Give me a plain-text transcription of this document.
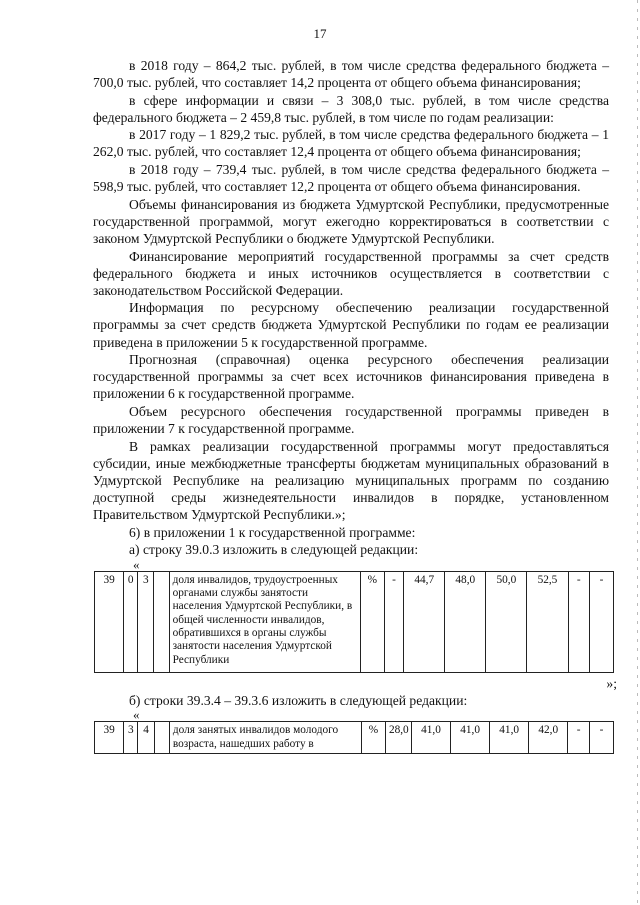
17

в 2018 году – 864,2 тыс. рублей, в том числе средства федерального бюджета – 700,0 тыс. рублей, что составляет 14,2 процента от общего объема финансирования;

в сфере информации и связи – 3 308,0 тыс. рублей, в том числе средства федерального бюджета – 2 459,8 тыс. рублей, в том числе по годам реализации:

в 2017 году – 1 829,2 тыс. рублей, в том числе средства федерального бюджета – 1 262,0 тыс. рублей, что составляет 12,4 процента от общего объема финансирования;

в 2018 году – 739,4 тыс. рублей, в том числе средства федерального бюджета – 598,9 тыс. рублей, что составляет 12,2 процента от общего объема финансирования.

Объемы финансирования из бюджета Удмуртской Республики, предусмотренные государственной программой, могут ежегодно корректироваться в соответствии с законом Удмуртской Республики о бюджете Удмуртской Республики.

Финансирование мероприятий государственной программы за счет средств федерального бюджета и иных источников осуществляется в соответствии с законодательством Российской Федерации.

Информация по ресурсному обеспечению реализации государственной программы за счет средств бюджета Удмуртской Республики по годам ее реализации приведена в приложении 5 к государственной программе.

Прогнозная (справочная) оценка ресурсного обеспечения реализации государственной программы за счет всех источников финансирования приведена в приложении 6 к государственной программе.

Объем ресурсного обеспечения государственной программы приведен в приложении 7 к государственной программе.

В рамках реализации государственной программы могут предоставляться субсидии, иные межбюджетные трансферты бюджетам муниципальных образований в Удмуртской Республике на реализацию муниципальных программ по созданию доступной среды жизнедеятельности инвалидов в порядке, установленном Правительством Удмуртской Республики.»;

6) в приложении 1 к государственной программе:

а) строку 39.0.3 изложить в следующей редакции:

«
39	0	3		доля инвалидов, трудоустроенных органами службы занятости населения Удмуртской Республики, в общей численности инвалидов, обратившихся в органы службы занятости населения Удмуртской Республики	%	-	44,7	48,0	50,0	52,5	-	-
»;

б) строки 39.3.4 – 39.3.6 изложить в следующей редакции:

«
39	3	4		доля занятых инвалидов молодого возраста, нашедших работу в	%	28,0	41,0	41,0	41,0	42,0	-	-
